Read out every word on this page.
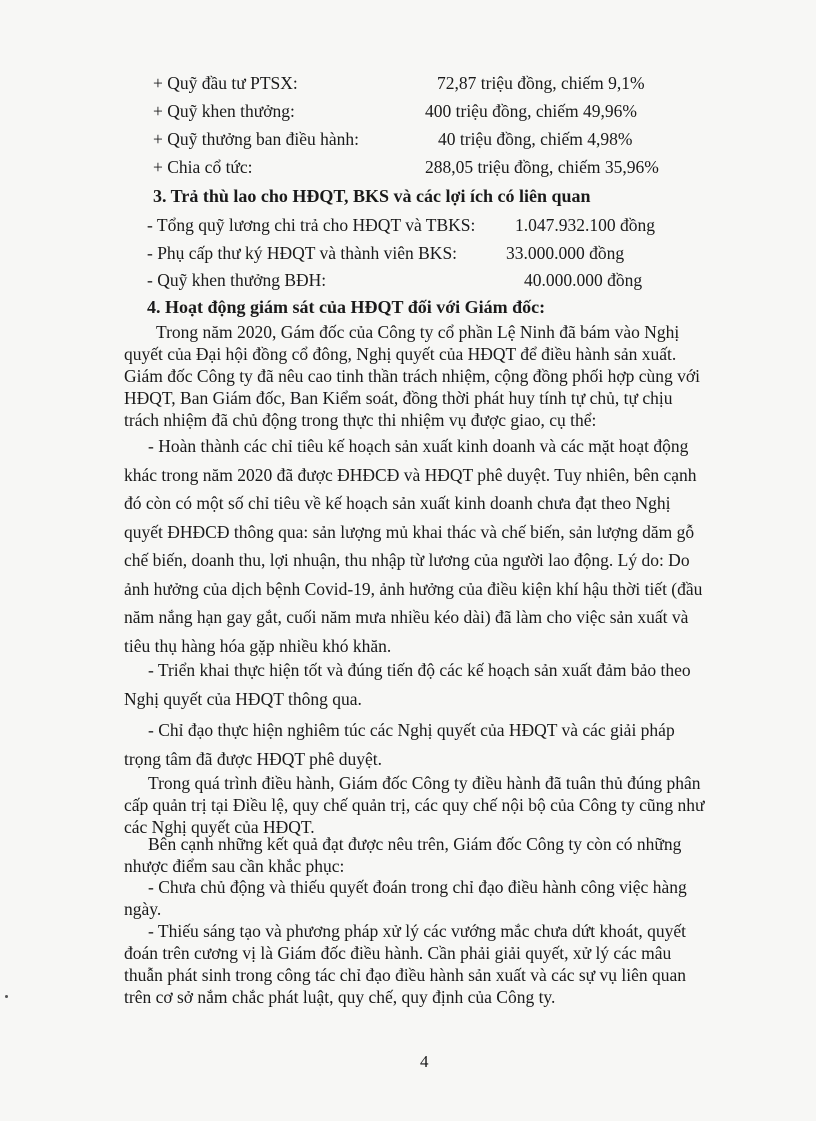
+ Quỹ đầu tư PTSX:	72,87 triệu đồng, chiếm 9,1%
+ Quỹ khen thưởng:	400 triệu đồng, chiếm 49,96%
+ Quỹ thưởng ban điều hành:	40 triệu đồng, chiếm 4,98%
+ Chia cổ tức:	288,05 triệu đồng, chiếm 35,96%
3. Trả thù lao cho HĐQT, BKS và các lợi ích có liên quan
- Tổng quỹ lương chi trả cho HĐQT và TBKS: 1.047.932.100 đồng
- Phụ cấp thư ký HĐQT và thành viên BKS:	33.000.000 đồng
- Quỹ khen thưởng BĐH:	40.000.000 đồng
4. Hoạt động giám sát của HĐQT đối với Giám đốc:
Trong năm 2020, Gám đốc của Công ty cổ phần Lệ Ninh đã bám vào Nghị
quyết của Đại hội đồng cổ đông, Nghị quyết của HĐQT để điều hành sản xuất.
Giám đốc Công ty đã nêu cao tinh thần trách nhiệm, cộng đồng phối hợp cùng với
HĐQT, Ban Giám đốc, Ban Kiểm soát, đồng thời phát huy tính tự chủ, tự chịu
trách nhiệm đã chủ động trong thực thi nhiệm vụ được giao, cụ thể:
- Hoàn thành các chỉ tiêu kế hoạch sản xuất kinh doanh và các mặt hoạt động
khác trong năm 2020 đã được ĐHĐCĐ và HĐQT phê duyệt. Tuy nhiên, bên cạnh
đó còn có một số chỉ tiêu về kế hoạch sản xuất kinh doanh chưa đạt theo Nghị
quyết ĐHĐCĐ thông qua: sản lượng mủ khai thác và chế biến, sản lượng dăm gỗ
chế biến, doanh thu, lợi nhuận, thu nhập từ lương của người lao động. Lý do: Do
ảnh hưởng của dịch bệnh Covid-19, ảnh hưởng của điều kiện khí hậu thời tiết (đầu
năm nắng hạn gay gắt, cuối năm mưa nhiều kéo dài) đã làm cho việc sản xuất và
tiêu thụ hàng hóa gặp nhiều khó khăn.
- Triển khai thực hiện tốt và đúng tiến độ các kế hoạch sản xuất đảm bảo theo
Nghị quyết của HĐQT thông qua.
- Chỉ đạo thực hiện nghiêm túc các Nghị quyết của HĐQT và các giải pháp
trọng tâm đã được HĐQT phê duyệt.
Trong quá trình điều hành, Giám đốc Công ty điều hành đã tuân thủ đúng phân
cấp quản trị tại Điều lệ, quy chế quản trị, các quy chế nội bộ của Công ty cũng như
các Nghị quyết của HĐQT.
Bên cạnh những kết quả đạt được nêu trên, Giám đốc Công ty còn có những
nhược điểm sau cần khắc phục:
- Chưa chủ động và thiếu quyết đoán trong chỉ đạo điều hành công việc hàng
ngày.
- Thiếu sáng tạo và phương pháp xử lý các vướng mắc chưa dứt khoát, quyết
đoán trên cương vị là Giám đốc điều hành. Cần phải giải quyết, xử lý các mâu
thuẫn phát sinh trong công tác chỉ đạo điều hành sản xuất và các sự vụ liên quan
trên cơ sở nắm chắc phát luật, quy chế, quy định của Công ty.
4
